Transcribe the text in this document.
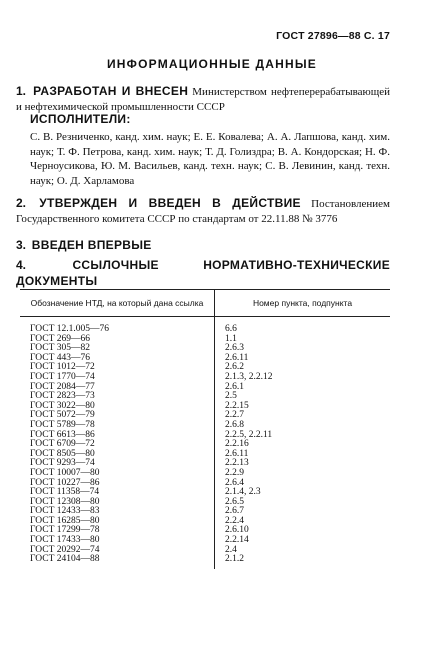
ГОСТ 27896—88 С. 17
ИНФОРМАЦИОННЫЕ ДАННЫЕ
1. РАЗРАБОТАН И ВНЕСЕН Министерством нефтеперерабатывающей и нефтехимической промышленности СССР
ИСПОЛНИТЕЛИ:
С. В. Резниченко, канд. хим. наук; Е. Е. Ковалева; А. А. Лапшова, канд. хим. наук; Т. Ф. Петрова, канд. хим. наук; Т. Д. Голиздра; В. А. Кондорская; Н. Ф. Черноусикова, Ю. М. Васильев, канд. техн. наук; С. В. Левинин, канд. техн. наук; О. Д. Харламова
2. УТВЕРЖДЕН И ВВЕДЕН В ДЕЙСТВИЕ Постановлением Государственного комитета СССР по стандартам от 22.11.88 № 3776
3. ВВЕДЕН ВПЕРВЫЕ
4.	ССЫЛОЧНЫЕ НОРМАТИВНО-ТЕХНИЧЕСКИЕ ДОКУМЕНТЫ
Обозначение НТД, на который дана ссылка	Номер пункта, подпункта
ГОСТ 12.1.005—76	6.6
ГОСТ 269—66	1.1
ГОСТ 305—82	2.6.3
ГОСТ 443—76	2.6.11
ГОСТ 1012—72	2.6.2
ГОСТ 1770—74	2.1.3, 2.2.12
ГОСТ 2084—77	2.6.1
ГОСТ 2823—73	2.5
ГОСТ 3022—80	2.2.15
ГОСТ 5072—79	2.2.7
ГОСТ 5789—78	2.6.8
ГОСТ 6613—86	2.2.5, 2.2.11
ГОСТ 6709—72	2.2.16
ГОСТ 8505—80	2.6.11
ГОСТ 9293—74	2.2.13
ГОСТ 10007—80	2.2.9
ГОСТ 10227—86	2.6.4
ГОСТ 11358—74	2.1.4, 2.3
ГОСТ 12308—80	2.6.5
ГОСТ 12433—83	2.6.7
ГОСТ 16285—80	2.2.4
ГОСТ 17299—78	2.6.10
ГОСТ 17433—80	2.2.14
ГОСТ 20292—74	2.4
ГОСТ 24104—88	2.1.2
